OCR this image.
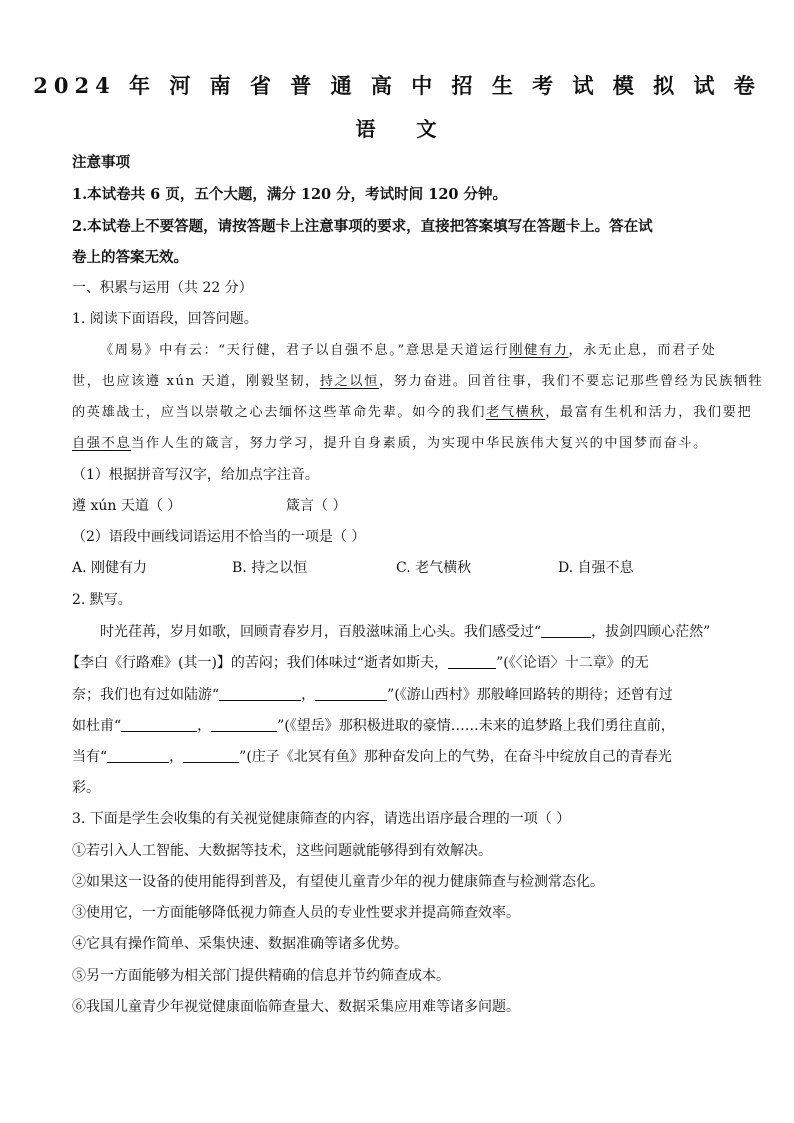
2024 年 河 南 省 普 通 高 中 招 生 考 试 模 拟 试 卷
语 文
注意事项
1.本试卷共 6 页，五个大题，满分 120 分，考试时间 120 分钟。
2.本试卷上不要答题，请按答题卡上注意事项的要求，直接把答案填写在答题卡上。答在试
卷上的答案无效。
一、积累与运用（共 22 分）
1. 阅读下面语段，回答问题。
《周易》中有云：“天行健，君子以自强不息。”意思是天道运行刚健有力，永无止息，而君子处
世，也应该遵 xún 天道，刚毅坚韧，持之以恒，努力奋进。回首往事，我们不要忘记那些曾经为民族牺牲
的英雄战士，应当以崇敬之心去缅怀这些革命先辈。如今的我们老气横秋，最富有生机和活力，我们要把
自强不息当作人生的箴言，努力学习，提升自身素质，为实现中华民族伟大复兴的中国梦而奋斗。
（1）根据拼音写汉字，给加点字注音。
遵 xún 天道（ ）	箴言（ ）
（2）语段中画线词语运用不恰当的一项是（ ）
A. 刚健有力	B. 持之以恒	C. 老气横秋	D. 自强不息
2. 默写。
时光荏苒，岁月如歌，回顾青春岁月，百般滋味涌上心头。我们感受过“	，拔剑四顾心茫然”
【李白《行路难》(其一)】的苦闷；我们体味过“逝者如斯夫，	”(《〈论语〉十二章》的无
奈；我们也有过如陆游“	，	”(《游山西村》那般峰回路转的期待；还曾有过
如杜甫“	，	”(《望岳》那积极进取的豪情……未来的追梦路上我们勇往直前，
当有“	，	”(庄子《北冥有鱼》那种奋发向上的气势，在奋斗中绽放自己的青春光
彩。
3. 下面是学生会收集的有关视觉健康筛查的内容，请选出语序最合理的一项（ ）
①若引入人工智能、大数据等技术，这些问题就能够得到有效解决。
②如果这一设备的使用能得到普及，有望使儿童青少年的视力健康筛查与检测常态化。
③使用它，一方面能够降低视力筛查人员的专业性要求并提高筛查效率。
④它具有操作简单、采集快速、数据准确等诸多优势。
⑤另一方面能够为相关部门提供精确的信息并节约筛查成本。
⑥我国儿童青少年视觉健康面临筛查量大、数据采集应用难等诸多问题。
